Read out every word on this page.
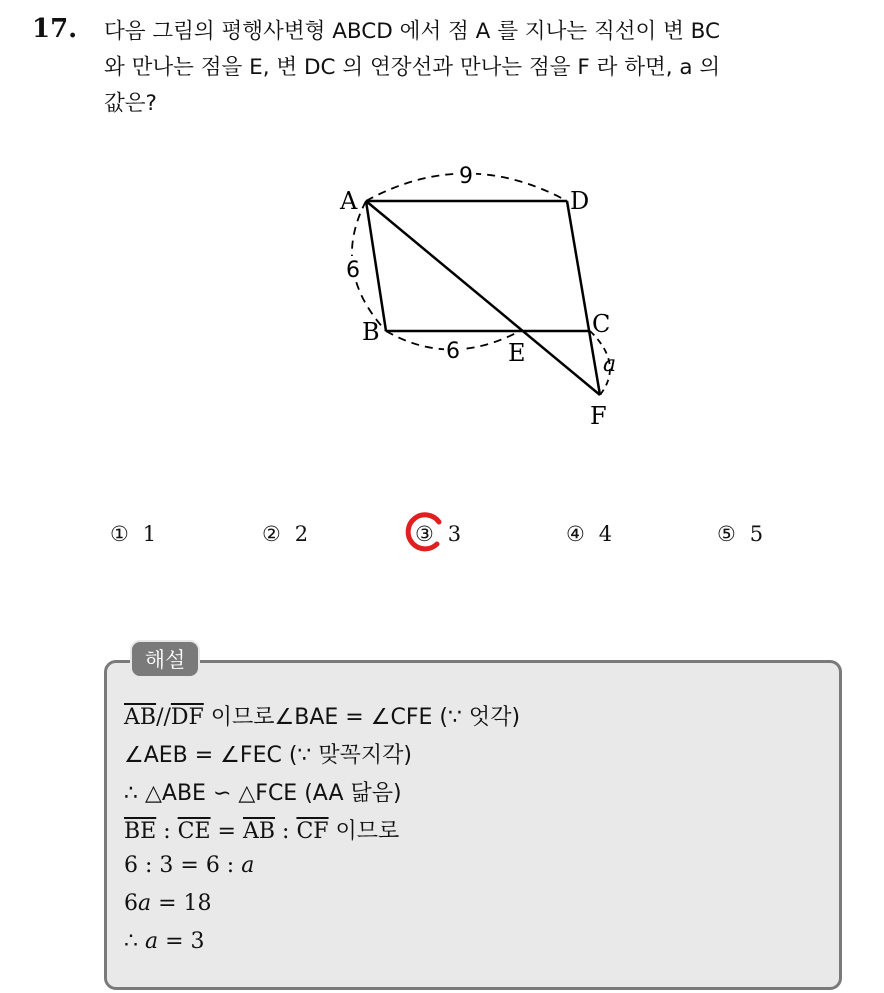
17. 다음 그림의 평행사변형 ABCD 에서 점 A 를 지나는 직선이 변 BC
와 만나는 점을 E, 변 DC 의 연장선과 만나는 점을 F 라 하면, a 의
값은?
A	D
B	C
E
F
9
6
6
a
① 1	② 2	③ 3	④ 4	⑤ 5
해설
$\overline{AB}//\overline{DF}$ 이므로∠BAE = ∠CFE (∵ 엇각)
∠AEB = ∠FEC (∵ 맞꼭지각)
∴ △ABE ∽ △FCE (AA 닮음)
$\overline{BE}$ : $\overline{CE} = \overline{AB}$ : $\overline{CF}$ 이므로
6 : 3 = 6 : a
6a = 18
∴ a = 3
